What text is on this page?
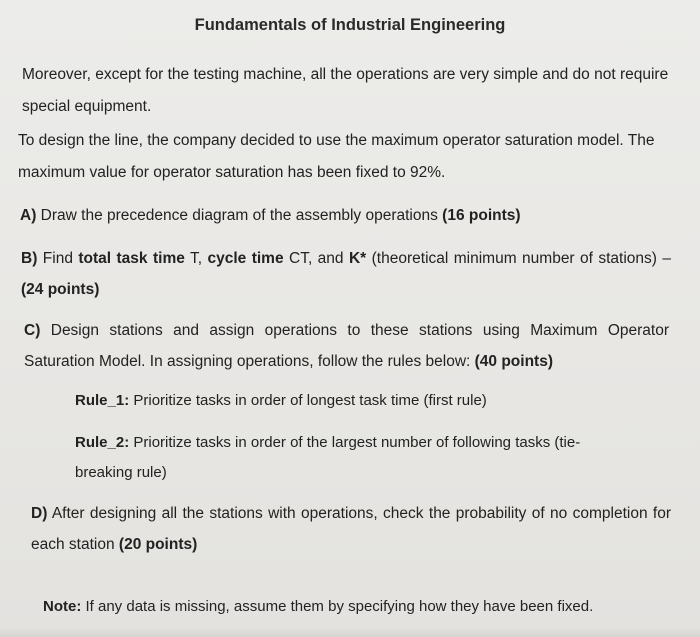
Fundamentals of Industrial Engineering
Moreover, except for the testing machine, all the operations are very simple and do not require special equipment.
To design the line, the company decided to use the maximum operator saturation model. The maximum value for operator saturation has been fixed to 92%.
A) Draw the precedence diagram of the assembly operations (16 points)
B) Find total task time T, cycle time CT, and K* (theoretical minimum number of stations) – (24 points)
C) Design stations and assign operations to these stations using Maximum Operator Saturation Model. In assigning operations, follow the rules below: (40 points)
Rule_1: Prioritize tasks in order of longest task time (first rule)
Rule_2: Prioritize tasks in order of the largest number of following tasks (tie-breaking rule)
D) After designing all the stations with operations, check the probability of no completion for each station (20 points)
Note: If any data is missing, assume them by specifying how they have been fixed.
